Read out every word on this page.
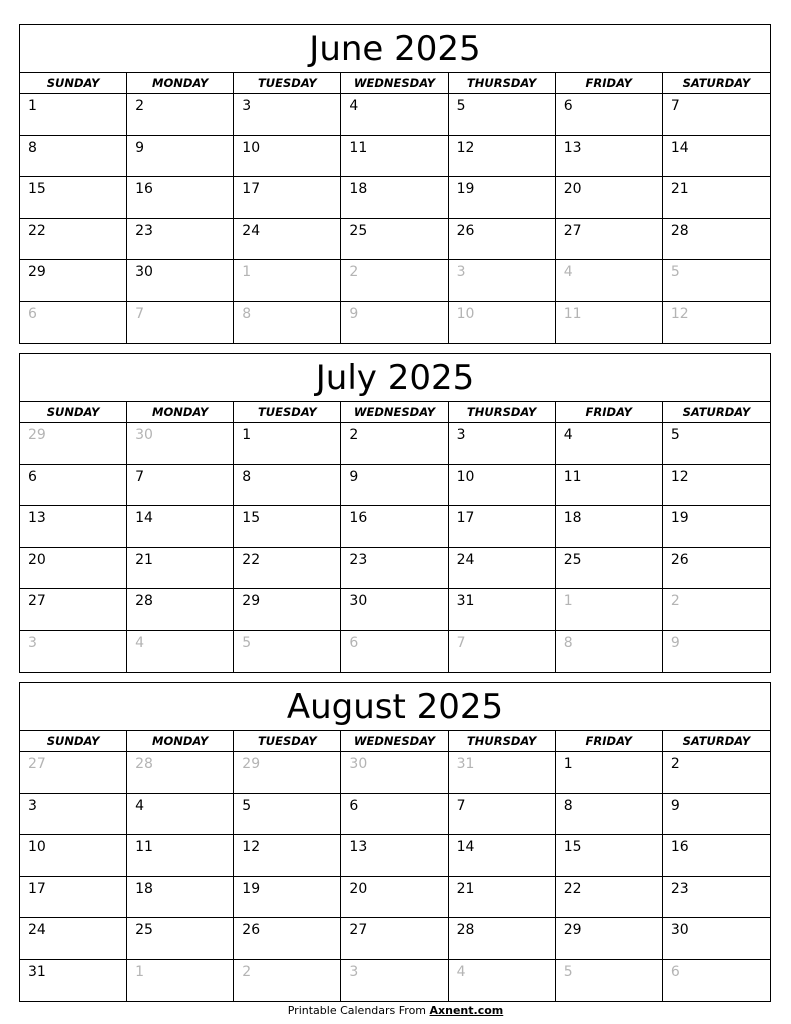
June 2025
SUNDAY	MONDAY	TUESDAY	WEDNESDAY	THURSDAY	FRIDAY	SATURDAY
1	2	3	4	5	6	7
8	9	10	11	12	13	14
15	16	17	18	19	20	21
22	23	24	25	26	27	28
29	30	1	2	3	4	5
6	7	8	9	10	11	12
July 2025
SUNDAY	MONDAY	TUESDAY	WEDNESDAY	THURSDAY	FRIDAY	SATURDAY
29	30	1	2	3	4	5
6	7	8	9	10	11	12
13	14	15	16	17	18	19
20	21	22	23	24	25	26
27	28	29	30	31	1	2
3	4	5	6	7	8	9
August 2025
SUNDAY	MONDAY	TUESDAY	WEDNESDAY	THURSDAY	FRIDAY	SATURDAY
27	28	29	30	31	1	2
3	4	5	6	7	8	9
10	11	12	13	14	15	16
17	18	19	20	21	22	23
24	25	26	27	28	29	30
31	1	2	3	4	5	6
Printable Calendars From Axnent.com
